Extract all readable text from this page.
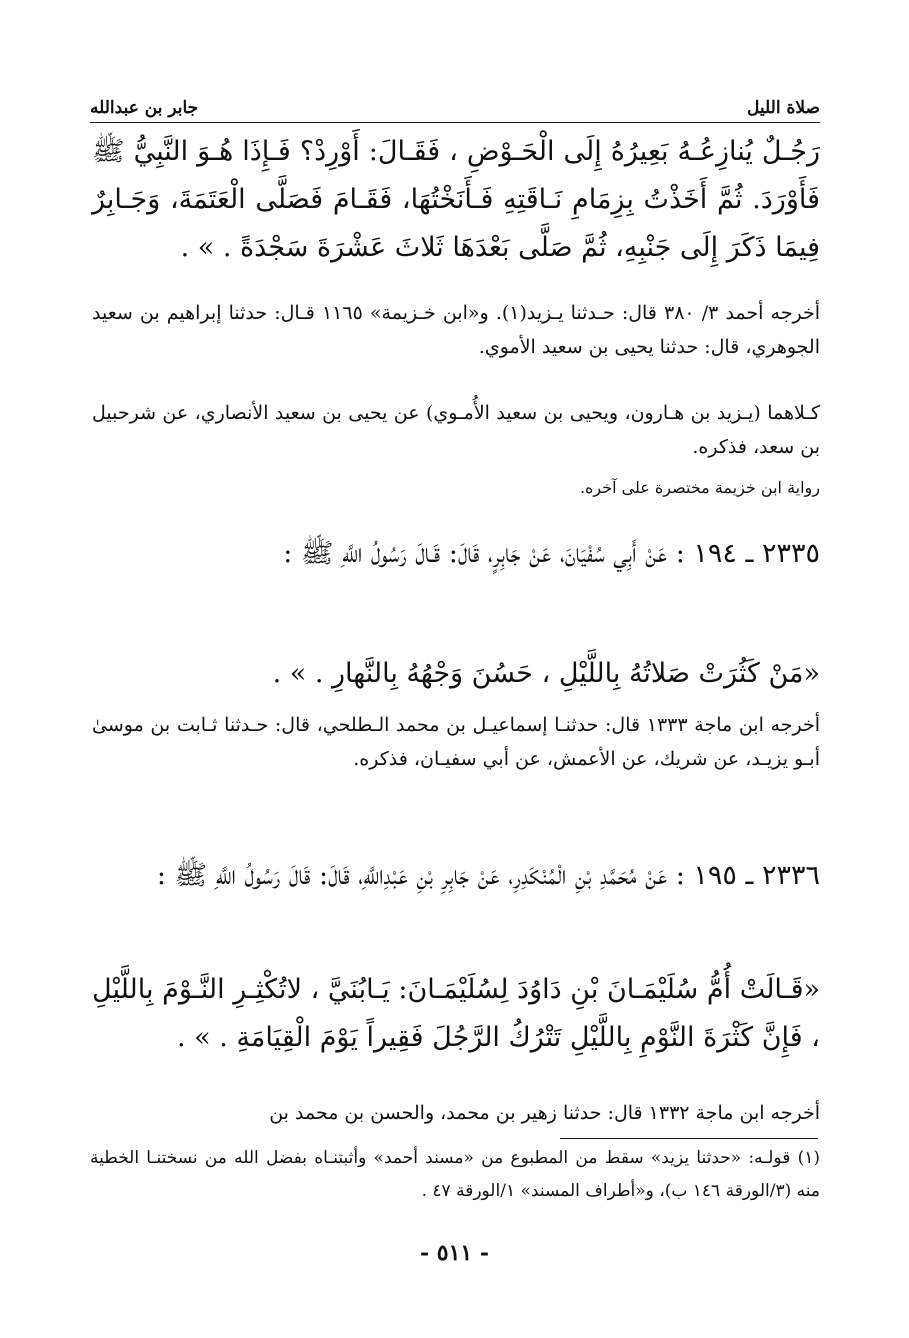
صلاة الليل
جابر بن عبدالله
رَجُـلٌ يُنازِعُـهُ بَعِيرُهُ إِلَى الْحَـوْضِ ، فَقَـالَ: أَوْرِدْ؟ فَـإِذَا هُـوَ النَّبِيُّ ﷺ فَأَوْرَدَ. ثُمَّ أَخَذْتُ بِزِمَامِ نَـاقَتِهِ فَـأَنَخْتُهَا، فَقَـامَ فَصَلَّى الْعَتَمَةَ، وَجَـابِرٌ فِيمَا ذَكَرَ إِلَى جَنْبِهِ، ثُمَّ صَلَّى بَعْدَهَا ثَلاثَ عَشْرَةَ سَجْدَةً . » .
أخرجه أحمد ٣/ ٣٨٠ قال: حـدثنا يـزيد(١). و«ابن خـزيمة» ١١٦٥ قـال: حدثنا إبراهيم بن سعيد الجوهري، قال: حدثنا يحيى بن سعيد الأموي.
كـلاهما (يـزيد بن هـارون، ويحيى بن سعيد الأُمـوي) عن يحيى بن سعيد الأنصاري، عن شرحبيل بن سعد، فذكره.
رواية ابن خزيمة مختصرة على آخره.
٢٣٣٥ ـ ١٩٤ : عَنْ أَبِي سُفْيَانَ، عَنْ جَابِرٍ، قَالَ: قَـالَ رَسُولُ اللَّهِ ﷺ :
«مَنْ كَثُرَتْ صَلاتُهُ بِاللَّيْلِ ، حَسُنَ وَجْهُهُ بِالنَّهارِ . » .
أخرجه ابن ماجة ١٣٣٣ قال: حدثنـا إسماعيـل بن محمد الـطلحي، قال: حـدثنا ثـابت بن موسىٰ أبـو يزيـد، عن شريك، عن الأعمش، عن أبي سفيـان، فذكره.
٢٣٣٦ ـ ١٩٥ : عَنْ مُحَمَّدِ بْنِ الْمُنْكَدِرِ، عَنْ جَابِرِ بْنِ عَبْدِاللَّهِ، قَالَ: قَالَ رَسُولُ اللَّهِ ﷺ :
«قَـالَتْ أُمُّ سُلَيْمَـانَ بْنِ دَاوُدَ لِسُلَيْمَـانَ: يَـابُنَيَّ ، لاتُكْثِـرِ النَّـوْمَ بِاللَّيْلِ ، فَإِنَّ كَثْرَةَ النَّوْمِ بِاللَّيْلِ تَتْرُكُ الرَّجُلَ فَقِيراً يَوْمَ الْقِيَامَةِ . » .
أخرجه ابن ماجة ١٣٣٢ قال: حدثنا زهير بن محمد، والحسن بن محمد بن
(١) قولـه: «حدثنا يزيد» سقط من المطبوع من «مسند أحمد» وأثبتنـاه بفضل الله من نسختنـا الخطية منه (٣/الورقة ١٤٦ ب)، و«أطراف المسند» ١/الورقة ٤٧ .
- ٥١١ -
